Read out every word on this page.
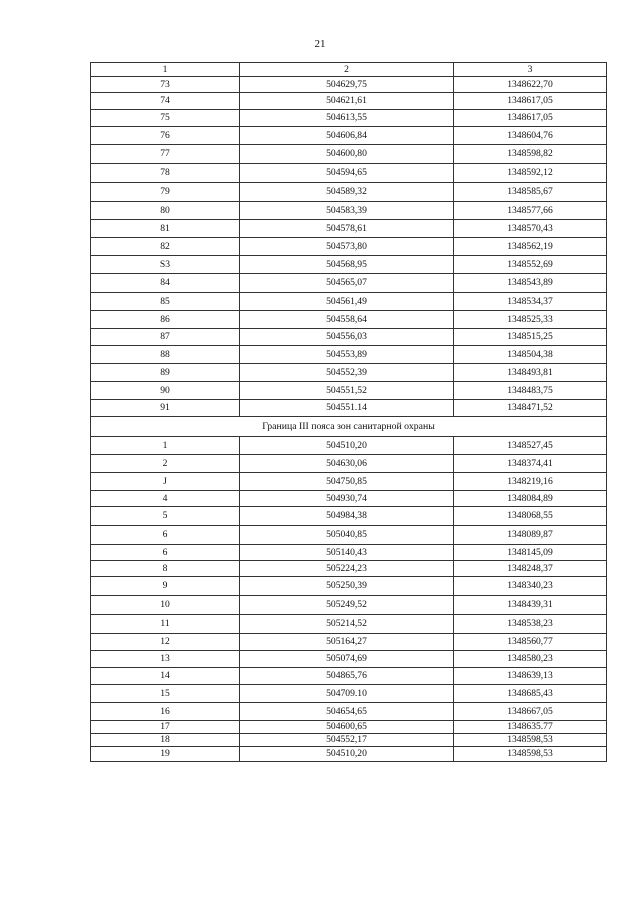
21
1	2	3
73	504629,75	1348622,70
74	504621,61	1348617,05
75	504613,55	1348617,05
76	504606,84	1348604,76
77	504600,80	1348598,82
78	504594,65	1348592,12
79	504589,32	1348585,67
80	504583,39	1348577,66
81	504578,61	1348570,43
82	504573,80	1348562,19
S3	504568,95	1348552,69
84	504565,07	1348543,89
85	504561,49	1348534,37
86	504558,64	1348525,33
87	504556,03	1348515,25
88	504553,89	1348504,38
89	504552,39	1348493,81
90	504551,52	1348483,75
91	504551.14	1348471,52
Граница III пояса зон санитарной охраны		
1	504510,20	1348527,45
2	504630,06	1348374,41
J	504750,85	1348219,16
4	504930,74	1348084,89
5	504984,38	1348068,55
6	505040,85	1348089,87
6	505140,43	1348145,09
8	505224,23	1348248,37
9	505250,39	1348340,23
10	505249,52	1348439,31
11	505214,52	1348538,23
12	505164,27	1348560,77
13	505074,69	1348580,23
14	504865,76	1348639,13
15	504709.10	1348685,43
16	504654,65	1348667,05
17	504600,65	1348635.77
18	504552,17	1348598,53
19	504510,20	1348598,53
